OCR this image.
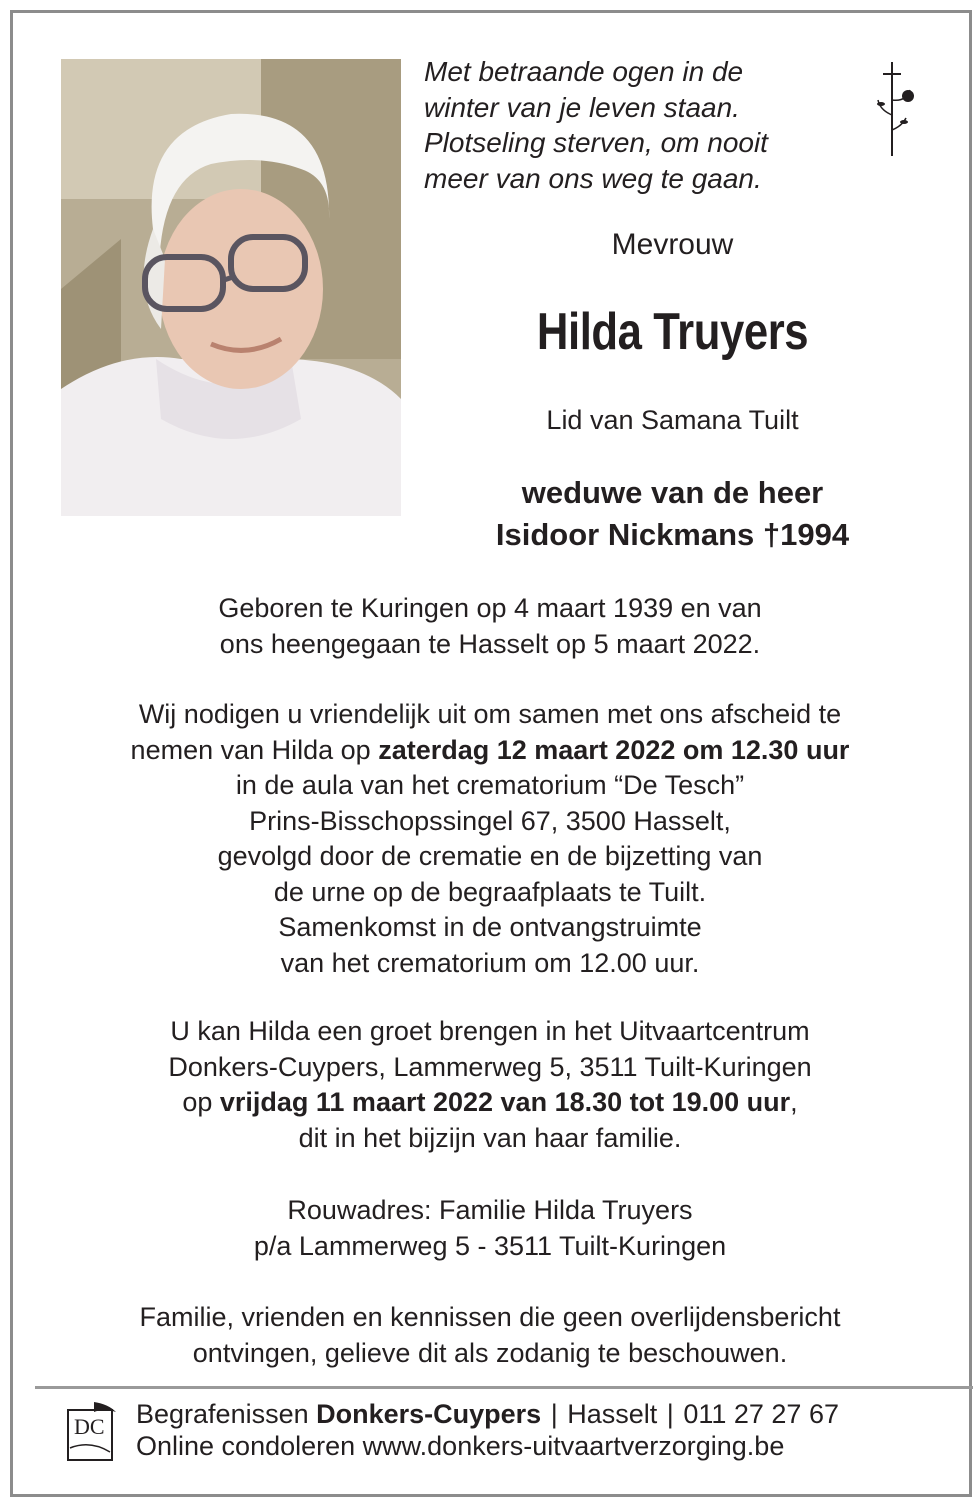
Met betraande ogen in de
winter van je leven staan.
Plotseling sterven, om nooit
meer van ons weg te gaan.
Mevrouw
Hilda Truyers
Lid van Samana Tuilt
weduwe van de heer
Isidoor Nickmans †1994
Geboren te Kuringen op 4 maart 1939 en van
ons heengegaan te Hasselt op 5 maart 2022.
Wij nodigen u vriendelijk uit om samen met ons afscheid te
nemen van Hilda op zaterdag 12 maart 2022 om 12.30 uur
in de aula van het crematorium “De Tesch”
Prins-Bisschopssingel 67, 3500 Hasselt,
gevolgd door de crematie en de bijzetting van
de urne op de begraafplaats te Tuilt.
Samenkomst in de ontvangstruimte
van het crematorium om 12.00 uur.
U kan Hilda een groet brengen in het Uitvaartcentrum
Donkers-Cuypers, Lammerweg 5, 3511 Tuilt-Kuringen
op vrijdag 11 maart 2022 van 18.30 tot 19.00 uur,
dit in het bijzijn van haar familie.
Rouwadres: Familie Hilda Truyers
p/a Lammerweg 5 - 3511 Tuilt-Kuringen
Familie, vrienden en kennissen die geen overlijdensbericht
ontvingen, gelieve dit als zodanig te beschouwen.
DC Begrafenissen Donkers-Cuypers | Hasselt | 011 27 27 67
Online condoleren www.donkers-uitvaartverzorging.be
